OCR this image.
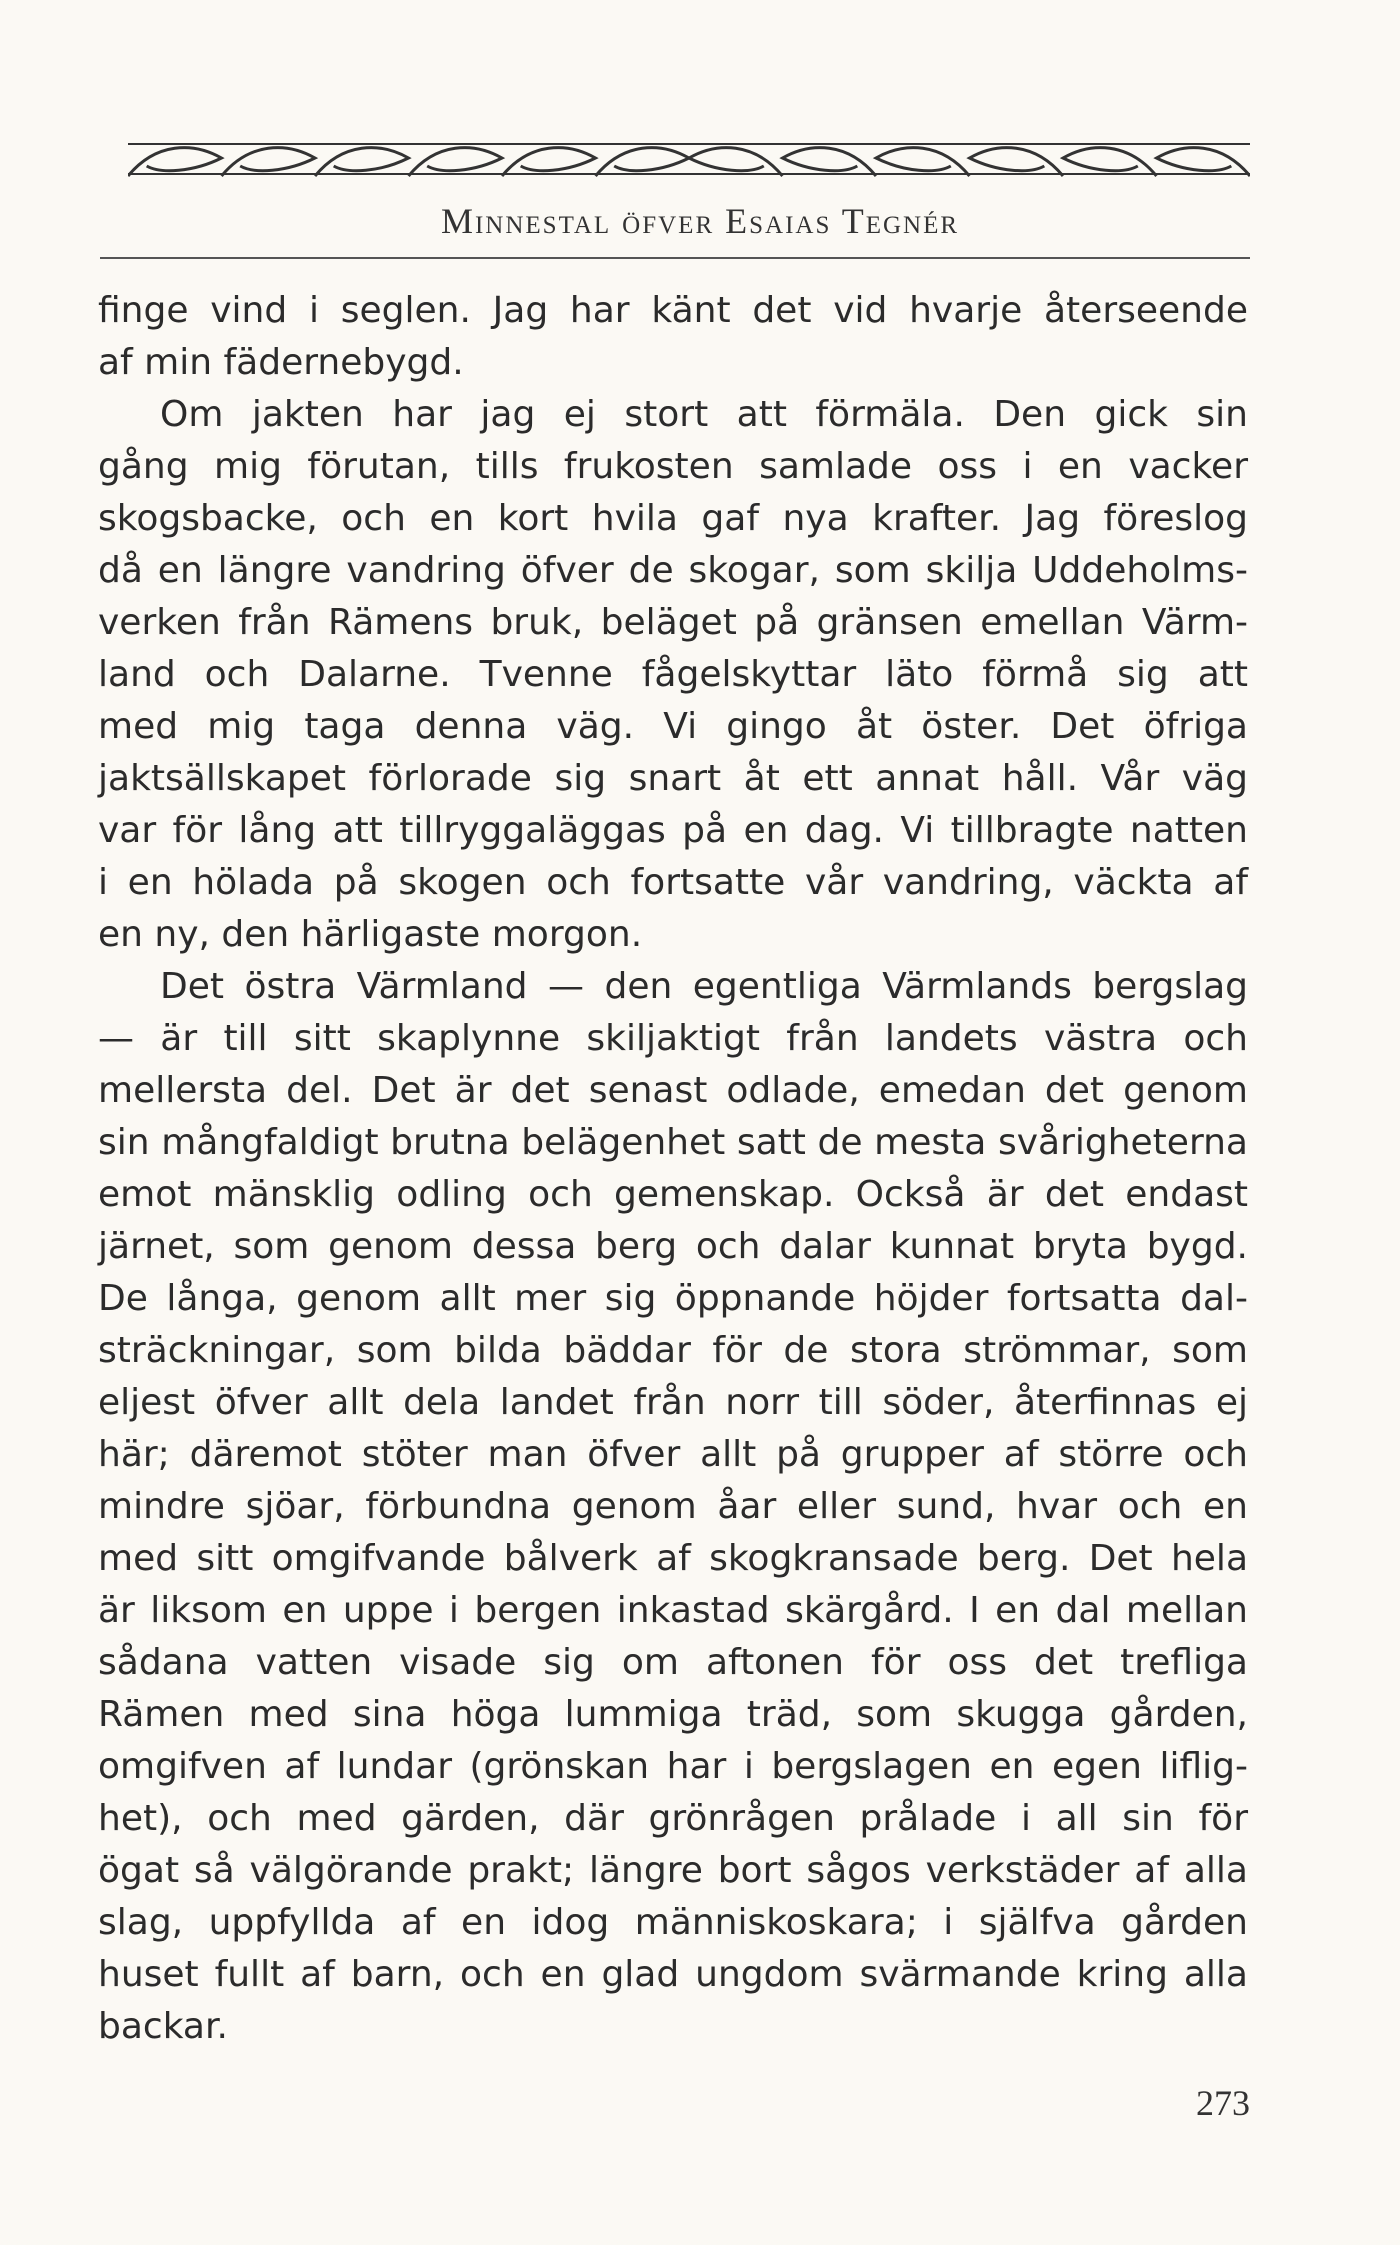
Minnestal öfver Esaias Tegnér
finge vind i seglen. Jag har känt det vid hvarje återseende
af min fädernebygd.
Om jakten har jag ej stort att förmäla. Den gick sin
gång mig förutan, tills frukosten samlade oss i en vacker
skogsbacke, och en kort hvila gaf nya krafter. Jag föreslog
då en längre vandring öfver de skogar, som skilja Uddeholms-
verken från Rämens bruk, beläget på gränsen emellan Värm-
land och Dalarne. Tvenne fågelskyttar läto förmå sig att
med mig taga denna väg. Vi gingo åt öster. Det öfriga
jaktsällskapet förlorade sig snart åt ett annat håll. Vår väg
var för lång att tillryggaläggas på en dag. Vi tillbragte natten
i en hölada på skogen och fortsatte vår vandring, väckta af
en ny, den härligaste morgon.
Det östra Värmland — den egentliga Värmlands bergslag
— är till sitt skaplynne skiljaktigt från landets västra och
mellersta del. Det är det senast odlade, emedan det genom
sin mångfaldigt brutna belägenhet satt de mesta svårigheterna
emot mänsklig odling och gemenskap. Också är det endast
järnet, som genom dessa berg och dalar kunnat bryta bygd.
De långa, genom allt mer sig öppnande höjder fortsatta dal-
sträckningar, som bilda bäddar för de stora strömmar, som
eljest öfver allt dela landet från norr till söder, återfinnas ej
här; däremot stöter man öfver allt på grupper af större och
mindre sjöar, förbundna genom åar eller sund, hvar och en
med sitt omgifvande bålverk af skogkransade berg. Det hela
är liksom en uppe i bergen inkastad skärgård. I en dal mellan
sådana vatten visade sig om aftonen för oss det trefliga
Rämen med sina höga lummiga träd, som skugga gården,
omgifven af lundar (grönskan har i bergslagen en egen liflig-
het), och med gärden, där grönrågen prålade i all sin för
ögat så välgörande prakt; längre bort sågos verkstäder af alla
slag, uppfyllda af en idog människoskara; i själfva gården
huset fullt af barn, och en glad ungdom svärmande kring alla
backar.
273
